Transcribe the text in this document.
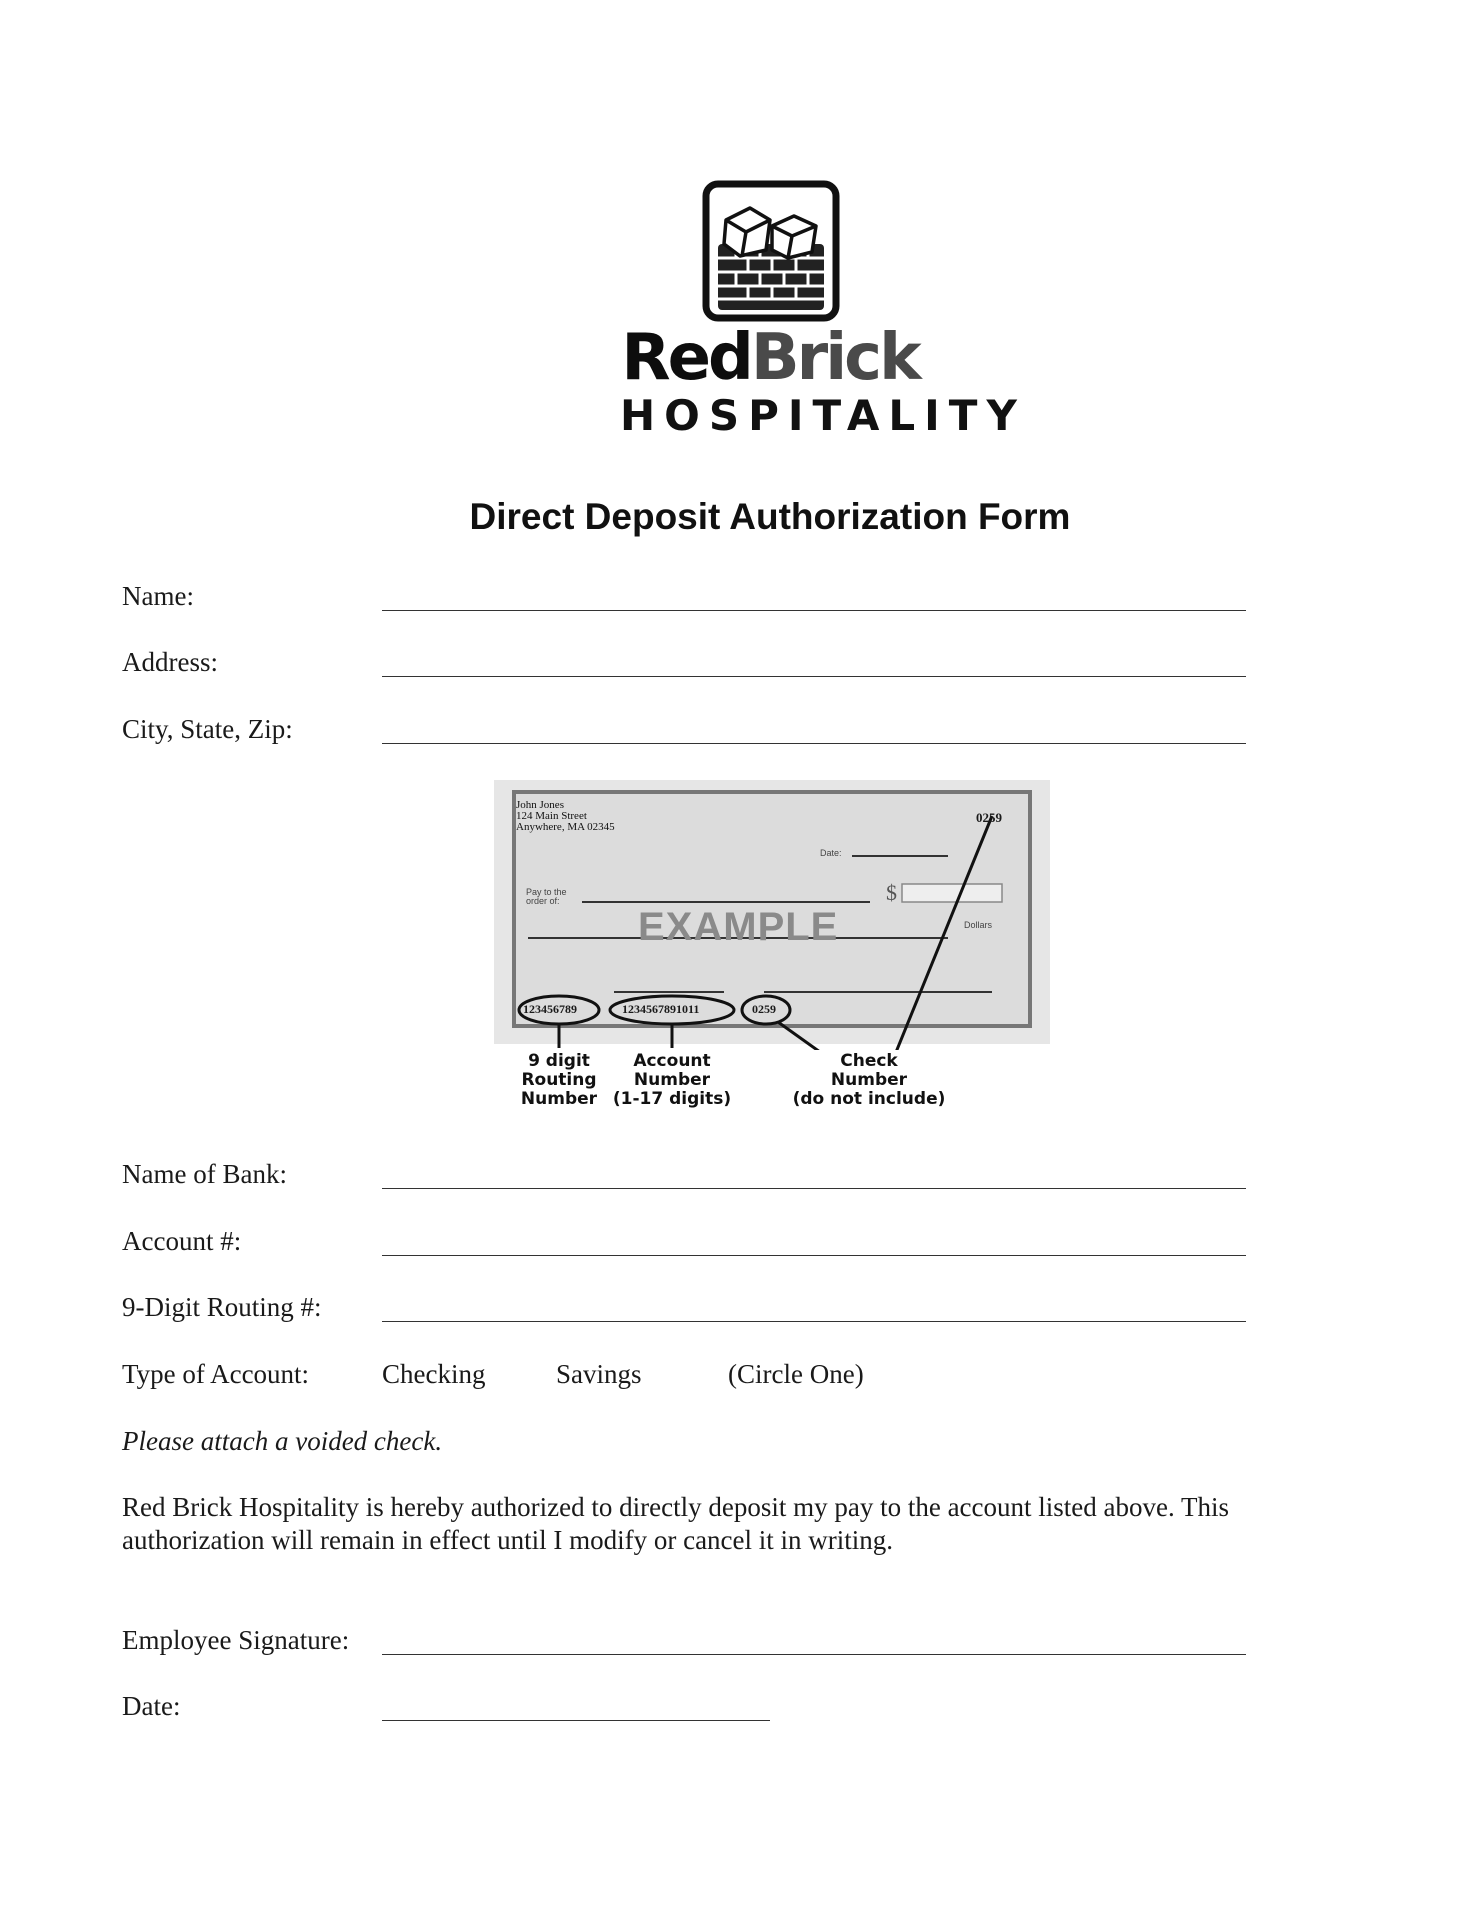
RedBrick
HOSPITALITY
Direct Deposit Authorization Form
Name:
Address:
City, State, Zip:
John Jones
124 Main Street
Anywhere, MA 02345
0259
Date:
Pay to the
order of:	$
Dollars
EXAMPLE
123456789	1234567891011	0259
9 digit
Routing
Number
Account
Number
(1-17 digits)
Check
Number
(do not include)
Name of Bank:
Account #:
9-Digit Routing #:
Type of Account:	Checking	Savings	(Circle One)
Please attach a voided check.
Red Brick Hospitality is hereby authorized to directly deposit my pay to the account listed above. This authorization will remain in effect until I modify or cancel it in writing.
Employee Signature:
Date:
